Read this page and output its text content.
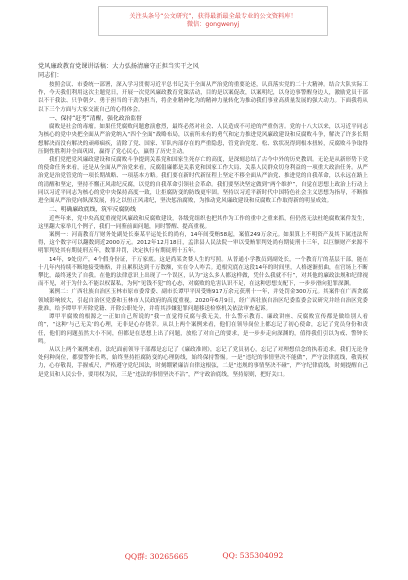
关注头条号“公文研究”，获得最新最全最专业的公文资料库！
微信：gongwenyj

党风廉政教育党课讲话稿：大力弘扬清廉守正担当实干之风

同志们：

按照会议、市委统一部署，深入学习贯彻习近平总书记关于全面从严治党的重要论述，认真落实党的二十大精神。结合大队实际工作，今天我们利用这次主题党日，开展一次党风廉政教育党课活动，目的是以案促改，以案明纪，以身边事警醒身边人，激励党员干部以不干我法、只争朝夕、勇于担当的干劲为担当，将企业精神化为的精神力量转化为推动我们事业高质量发展的强大动力。下面我将从以下三个方面与大家交流自己的心得体会。

一、保持“赶考”清醒，强化政治监督

腐败是社会的毒瘤。如果任凭腐败问题愈演愈烈，最终必然对社会、人民造成不可逆的严重伤害。党的十八大以来，以习近平同志为核心的党中央把全面从严治党纳入“四个全面”战略布局，以前所未有的勇气和定力推进党风廉政建设和反腐败斗争，解决了许多长期想解决而没有解决的顽瘴痼疾，清除了党、国家、军队内部存在的严重隐患，管党治党宽、松、软状况得到根本扭转，反腐败斗争取得压倒性胜利并全面巩固，赢得了党心民心，赢得了历史主动。

我们党把党风廉政建设和反腐败斗争提到关系党和国家生死存亡的高度，是深刻总结了古今中外的历史教训。无论是从新形势下党的使命任务来看，还是从全面从严治党来看，反腐倡廉都是关系党和国家工作大局、关系人民群众切身利益的一项重大政治任务。从严治党是治党管党的一项长期战略、一项基本方略。我们要在新时代新征程上坚定不移全面从严治党、推进党的自我革命，以永远在路上的清醒和坚定，坚持不懈正风肃纪反腐，以党的自我革命引领社会革命。我们要坚决坚定做到“两个维护”，自觉在思想上政治上行动上同以习近平同志为核心的党中央保持高度一致，让拒腐防变的防线更牢固。坚持以习近平新时代中国特色社会主义思想为指导，不断推进全面从严治党向纵深发展，持之以恒正风肃纪，坚决惩治腐败，为推动党风廉政建设和反腐败工作取得新的明显成效。

二、明确廉政底线，筑牢反腐防线

近些年来，党中央高度重视党风廉政和反腐败建设，各级党组织也把其作为工作的重中之重来抓，但仍然无法杜绝腐败案件发生，这里翻大家举几个例子，我们一同鉴前面问题，同时警醒、提高重视。

案例一：河南教育厅财务处副处长秦某平运处长的尚有，14年间受贿58起，案值249万余元。如果算上不明资产及其下属违法所得，这个数字可以翻数到近2000万元。2012年12月18日，孟津县人民法院一审以受贿罪判处尚有期徒刑十三年，以巨额财产来源不明罪判处其有期徒刑五年，数罪并罚，决定执行有期徒刑十五年。

14年，9处房产，4个假身份证，千万家底。这是尚某贪婪人生的写照。从普通小学教员到副处长，一个教育厅的基层干部，能在十几年内持续不断地接受贿赂，并且累积达到千万数额，实在令人咋舌。追根究底在这段14年的时间里，人格逐渐扭曲，在官场上不断攀比，最终迷失了自我。在他的法律意识上出现了一个误区，认为“这么多人都这样做，凭什么我就不行”，对其他的廉政法规和纪律视而不见，对于为什么不能以权谋私，为何“见钱不犯”的心态，对腐败的危害认识不足，在这种思想支配下，一步步滑向犯罪深渊。

案例二：广西壮族自治区玉林市原市委常委、副市长谭甲平因受贿917万余元获刑十一年，并处罚金300万元。其案件在广西贪腐领域影响较大，引起自治区党委和玉林市人民政府的高度重视。2020年6月9日，经广西壮族自治区纪委监委会议研究并经自治区党委批准，给予谭甲平开除党籍、开除公职处分，并将其涉嫌犯罪问题移送检察机关依法审查起诉。

谭甲平腐败的根源之一正如自己所说的“我一直觉得反腐与我无关，什么警示教育、廉政讲座、反腐败宣传都是做给别人看的”，“这种‘与己无关’的心理，无非是心存侥幸。从以上两个案例来看，他们在领导岗位上都忘记了初心使命，忘记了党员身份和责任，他们的问题虽然大小不同，但都是在思想上出了问题，放松了对自己的要求，是一步步走向深渊的，值得我们引以为戒、警钟长鸣。

从以上两个案例来看，法纪面前领导干部都是忘记了《廉政准则》，忘记了党员初心，忘记了对理想信念的执着追求。我们无论身处何种岗位，都要警钟长鸣，始终坚持拒腐防变的心理防线，始终保持警惕。一是“违纪的事情坚决不能做”，严守法律底线，敬畏权力，心存敬畏，手握戒尺，严格遵守党纪国法，时刻绷紧廉洁自律这根弦，二是“违规的事情坚决不碰”，严守纪律底线，时刻提醒自己是党员和人民公仆，要用权为民，三是“违法的事情坚决不沾”，严守政治底线，坚持原则，把好关口。

QQ群: 30265665	QQ: 535304092
